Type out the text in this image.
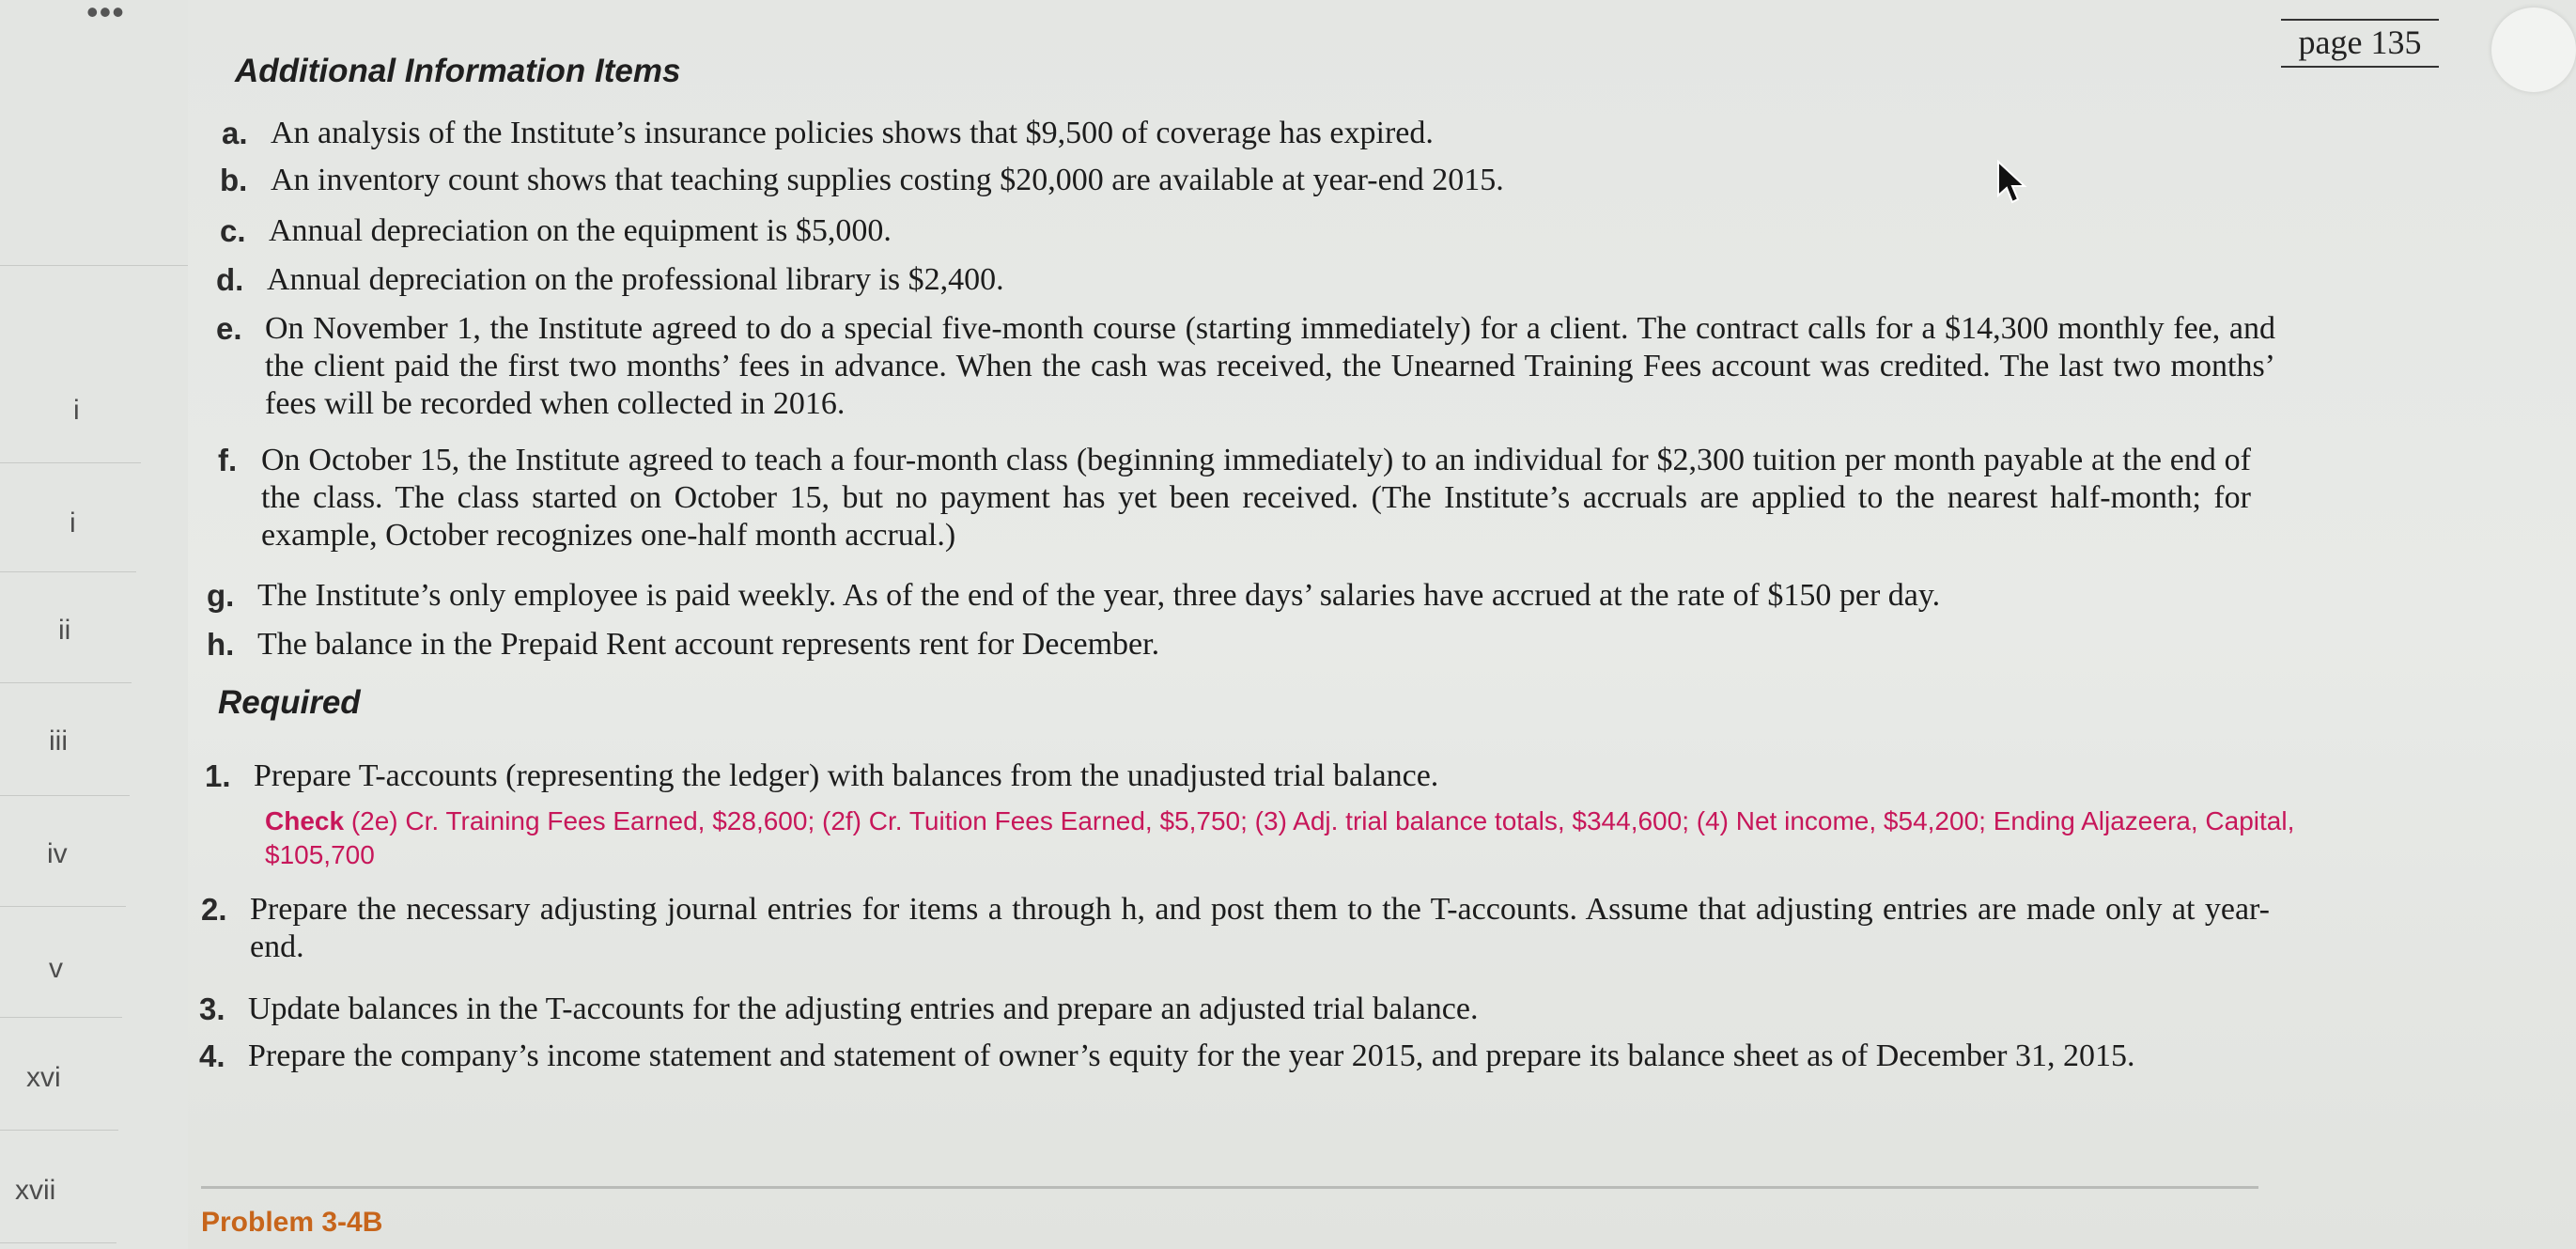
•••
i
i
ii
iii
iv
v
xvi
xvii
page 135
Additional Information Items
a. An analysis of the Institute’s insurance policies shows that $9,500 of coverage has expired.
b. An inventory count shows that teaching supplies costing $20,000 are available at year-end 2015.
c. Annual depreciation on the equipment is $5,000.
d. Annual depreciation on the professional library is $2,400.
e. On November 1, the Institute agreed to do a special five-month course (starting immediately) for a client. The contract calls for a $14,300 monthly fee, and the client paid the first two months’ fees in advance. When the cash was received, the Unearned Training Fees account was credited. The last two months’ fees will be recorded when collected in 2016.
f. On October 15, the Institute agreed to teach a four-month class (beginning immediately) to an individual for $2,300 tuition per month payable at the end of the class. The class started on October 15, but no payment has yet been received. (The Institute’s accruals are applied to the nearest half-month; for example, October recognizes one-half month accrual.)
g. The Institute’s only employee is paid weekly. As of the end of the year, three days’ salaries have accrued at the rate of $150 per day.
h. The balance in the Prepaid Rent account represents rent for December.
Required
1. Prepare T-accounts (representing the ledger) with balances from the unadjusted trial balance.
Check (2e) Cr. Training Fees Earned, $28,600; (2f) Cr. Tuition Fees Earned, $5,750; (3) Adj. trial balance totals, $344,600; (4) Net income, $54,200; Ending Aljazeera, Capital, $105,700
2. Prepare the necessary adjusting journal entries for items a through h, and post them to the T-accounts. Assume that adjusting entries are made only at year-end.
3. Update balances in the T-accounts for the adjusting entries and prepare an adjusted trial balance.
4. Prepare the company’s income statement and statement of owner’s equity for the year 2015, and prepare its balance sheet as of December 31, 2015.
Problem 3-4B
